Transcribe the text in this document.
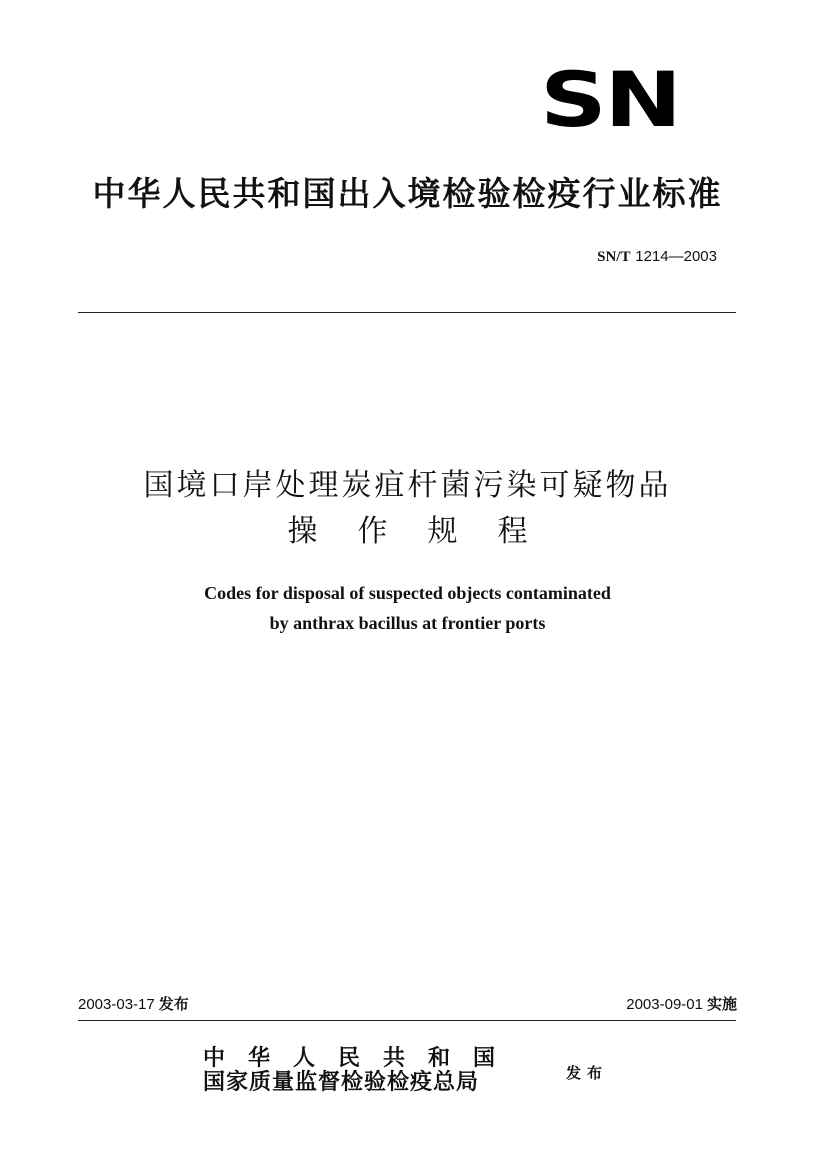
SN
中华人民共和国出入境检验检疫行业标准
SN/T 1214—2003
国境口岸处理炭疽杆菌污染可疑物品
操作规程
Codes for disposal of suspected objects contaminated
by anthrax bacillus at frontier ports
2003-03-17 发布	2003-09-01 实施
中华人民共和国
国家质量监督检验检疫总局	发布
